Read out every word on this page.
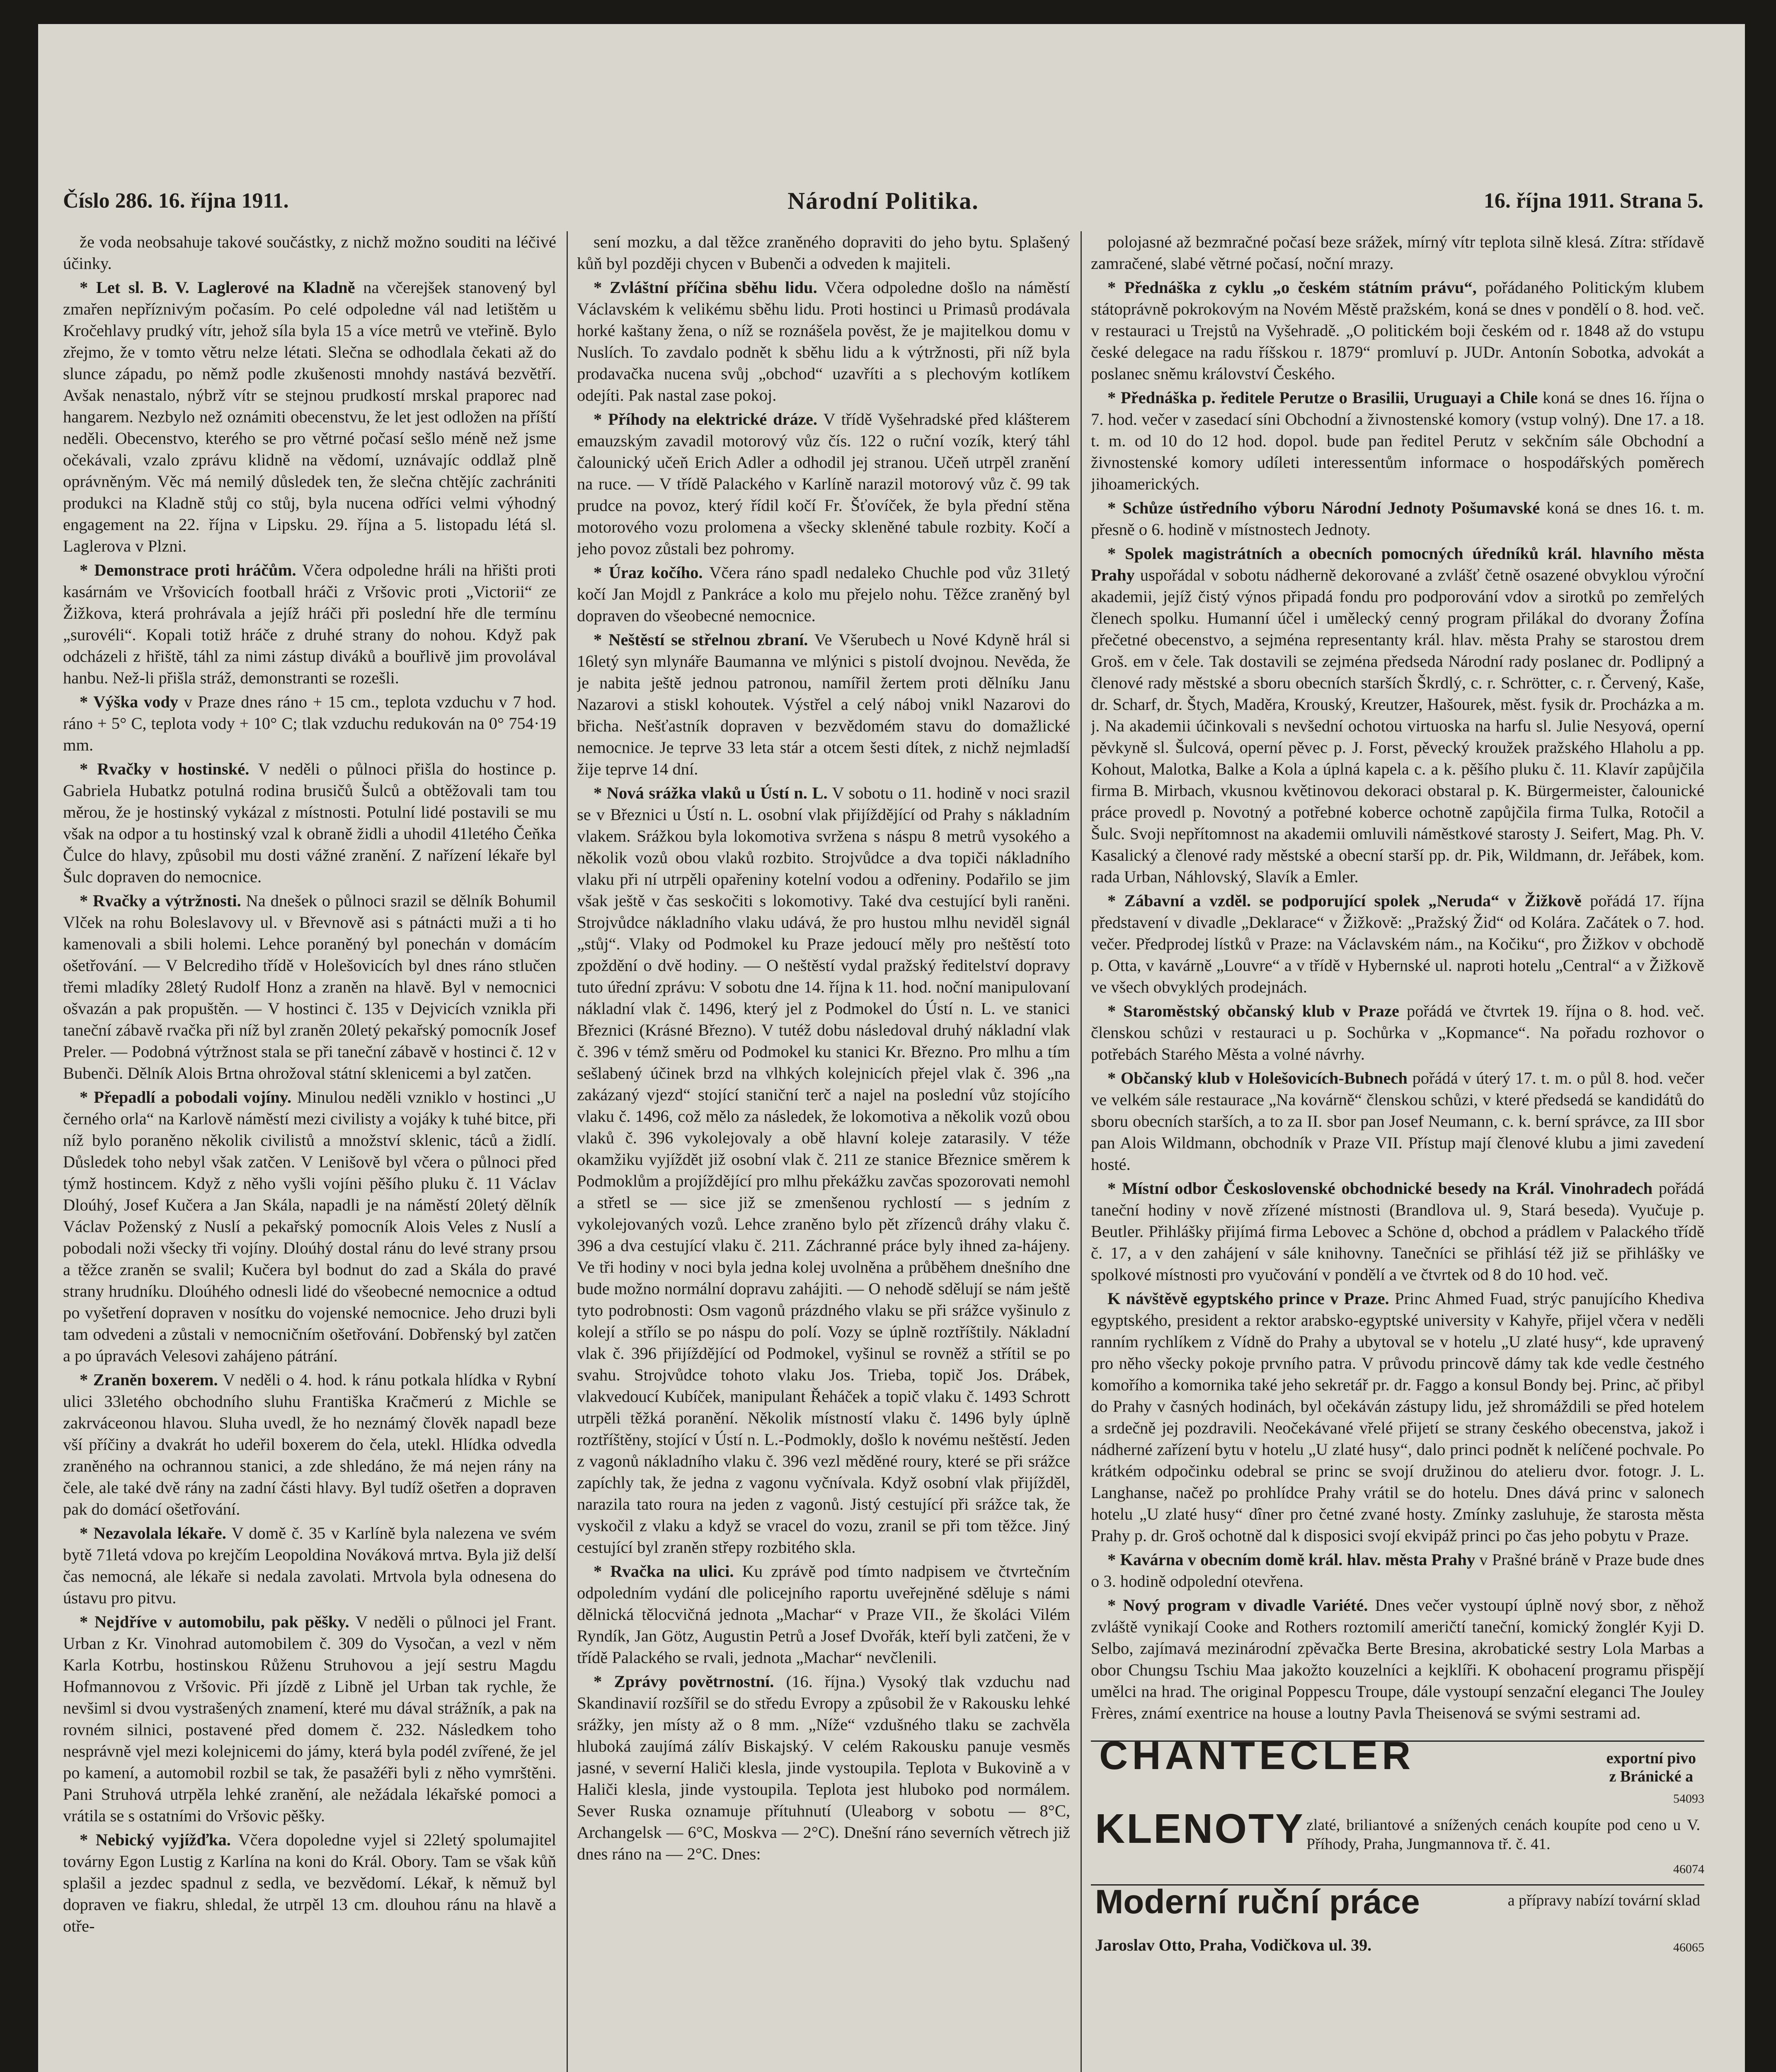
Číslo 286. 16. října 1911.	Národní Politika.	16. října 1911. Strana 5.

že voda neobsahuje takové součástky, z nichž možno souditi na léčivé účinky.

* Let sl. B. V. Laglerové na Kladně na včerejšek stanovený byl zmařen nepříznivým počasím. Po celé odpoledne vál nad letištěm u Kročehlavy prudký vítr, jehož síla byla 15 a více metrů ve vteřině. Bylo zřejmo, že v tomto větru nelze létati. Slečna se odhodlala čekati až do slunce západu, po němž podle zkušenosti mnohdy nastává bezvětří. Avšak nenastalo, nýbrž vítr se stejnou prudkostí mrskal praporec nad hangarem. Nezbylo než oznámiti obecenstvu, že let jest odložen na příští neděli. Obecenstvo, kterého se pro větrné počasí sešlo méně než jsme očekávali, vzalo zprávu klidně na vědomí, uznávajíc oddlaž plně oprávněným. Věc má nemilý důsledek ten, že slečna chtějíc zachrániti produkci na Kladně stůj co stůj, byla nucena odříci velmi výhodný engagement na 22. října v Lipsku. 29. října a 5. listopadu létá sl. Laglerova v Plzni.

* Demonstrace proti hráčům. Včera odpoledne hráli na hřišti proti kasárnám ve Vršovicích football hráči z Vršovic proti „Victorii“ ze Žižkova, která prohrávala a jejíž hráči při poslední hře dle termínu „surovéli“. Kopali totiž hráče z druhé strany do nohou. Když pak odcházeli z hřiště, táhl za nimi zástup diváků a bouřlivě jim provolával hanbu. Než-li přišla stráž, demonstranti se rozešli.

* Výška vody v Praze dnes ráno + 15 cm., teplota vzduchu v 7 hod. ráno + 5° C, teplota vody + 10° C; tlak vzduchu redukován na 0° 754·19 mm.

* Rvačky v hostinské. V neděli o půlnoci přišla do hostince p. Gabriela Hubatkz potulná rodina brusičů Šulců a obtěžovali tam tou měrou, že je hostinský vykázal z místnosti. Potulní lidé postavili se mu však na odpor a tu hostinský vzal k obraně židli a uhodil 41letého Čeňka Čulce do hlavy, způsobil mu dosti vážné zranění. Z nařízení lékaře byl Šulc dopraven do nemocnice.

* Rvačky a výtržnosti. Na dnešek o půlnoci srazil se dělník Bohumil Vlček na rohu Boleslavovy ul. v Břevnově asi s pátnácti muži a ti ho kamenovali a sbili holemi. Lehce poraněný byl ponechán v domácím ošetřování. — V Belcrediho třídě v Holešovicích byl dnes ráno stlučen třemi mladíky 28letý Rudolf Honz a zraněn na hlavě. Byl v nemocnici ošvazán a pak propuštěn. — V hostinci č. 135 v Dejvicích vznikla při taneční zábavě rvačka při níž byl zraněn 20letý pekařský pomocník Josef Preler. — Podobná výtržnost stala se při taneční zábavě v hostinci č. 12 v Bubenči. Dělník Alois Brtna ohrožoval státní sklenicemi a byl zatčen.

* Přepadlí a pobodali vojíny. Minulou neděli vzniklo v hostinci „U černého orla“ na Karlově náměstí mezi civilisty a vojáky k tuhé bitce, při níž bylo poraněno několik civilistů a množství sklenic, táců a židlí. Důsledek toho nebyl však zatčen. V Lenišově byl včera o půlnoci před týmž hostincem. Když z něho vyšli vojíni pěšího pluku č. 11 Václav Dloúhý, Josef Kučera a Jan Skála, napadli je na náměstí 20letý dělník Václav Poženský z Nuslí a pekařský pomocník Alois Veles z Nuslí a pobodali noži všecky tři vojíny. Dloúhý dostal ránu do levé strany prsou a těžce zraněn se svalil; Kučera byl bodnut do zad a Skála do pravé strany hrudníku. Dloúhého odnesli lidé do všeobecné nemocnice a odtud po vyšetření dopraven v nosítku do vojenské nemocnice. Jeho druzi byli tam odvedeni a zůstali v nemocničním ošetřování. Dobřenský byl zatčen a po úpravách Velesovi zahájeno pátrání.

* Zraněn boxerem. V neděli o 4. hod. k ránu potkala hlídka v Rybní ulici 33letého obchodního sluhu Františka Kračmerú z Michle se zakrváceonou hlavou. Sluha uvedl, že ho neznámý člověk napadl beze vší příčiny a dvakrát ho udeřil boxerem do čela, utekl. Hlídka odvedla zraněného na ochrannou stanici, a zde shledáno, že má nejen rány na čele, ale také dvě rány na zadní části hlavy. Byl tudíž ošetřen a dopraven pak do domácí ošetřování.

* Nezavolala lékaře. V domě č. 35 v Karlíně byla nalezena ve svém bytě 71letá vdova po krejčím Leopoldina Nováková mrtva. Byla již delší čas nemocná, ale lékaře si nedala zavolati. Mrtvola byla odnesena do ústavu pro pitvu.

* Nejdříve v automobilu, pak pěšky. V neděli o půlnoci jel Frant. Urban z Kr. Vinohrad automobilem č. 309 do Vysočan, a vezl v něm Karla Kotrbu, hostinskou Růženu Struhovou a její sestru Magdu Hofmannovou z Vršovic. Při jízdě z Libně jel Urban tak rychle, že nevšiml si dvou vystrašených znamení, které mu dával strážník, a pak na rovném silnici, postavené před domem č. 232. Následkem toho nesprávně vjel mezi kolejnicemi do jámy, která byla podél zvířené, že jel po kamení, a automobil rozbil se tak, že pasažéři byli z něho vymrštěni. Pani Struhová utrpěla lehké zranění, ale nežádala lékařské pomoci a vrátila se s ostatními do Vršovic pěšky.

* Nebický vyjížďka. Včera dopoledne vyjel si 22letý spolumajitel továrny Egon Lustig z Karlína na koni do Král. Obory. Tam se však kůň splašil a jezdec spadnul z sedla, ve bezvědomí. Lékař, k němuž byl dopraven ve fiakru, shledal, že utrpěl 13 cm. dlouhou ránu na hlavě a otře-

sení mozku, a dal těžce zraněného dopraviti do jeho bytu. Splašený kůň byl později chycen v Bubenči a odveden k majiteli.

* Zvláštní příčina sběhu lidu. Včera odpoledne došlo na náměstí Václavském k velikému sběhu lidu. Proti hostinci u Primasů prodávala horké kaštany žena, o níž se roznášela pověst, že je majitelkou domu v Nuslích. To zavdalo podnět k sběhu lidu a k výtržnosti, při níž byla prodavačka nucena svůj „obchod“ uzavříti a s plechovým kotlíkem odejíti. Pak nastal zase pokoj.

* Příhody na elektrické dráze. V třídě Vyšehradské před klášterem emauzským zavadil motorový vůz čís. 122 o ruční vozík, který táhl čalounický učeň Erich Adler a odhodil jej stranou. Učeň utrpěl zranění na ruce. — V třídě Palackého v Karlíně narazil motorový vůz č. 99 tak prudce na povoz, který řídil kočí Fr. Šťovíček, že byla přední stěna motorového vozu prolomena a všecky skleněné tabule rozbity. Kočí a jeho povoz zůstali bez pohromy.

* Úraz kočího. Včera ráno spadl nedaleko Chuchle pod vůz 31letý kočí Jan Mojdl z Pankráce a kolo mu přejelo nohu. Těžce zraněný byl dopraven do všeobecné nemocnice.

* Neštěstí se střelnou zbraní. Ve Všerubech u Nové Kdyně hrál si 16letý syn mlynáře Baumanna ve mlýnici s pistolí dvojnou. Nevěda, že je nabita ještě jednou patronou, namířil žertem proti dělníku Janu Nazarovi a stiskl kohoutek. Výstřel a celý náboj vnikl Nazarovi do břicha. Nešťastník dopraven v bezvědomém stavu do domažlické nemocnice. Je teprve 33 leta stár a otcem šesti dítek, z nichž nejmladší žije teprve 14 dní.

* Nová srážka vlaků u Ústí n. L. V sobotu o 11. hodině v noci srazil se v Březnici u Ústí n. L. osobní vlak přijíždějící od Prahy s nákladním vlakem. Srážkou byla lokomotiva svržena s náspu 8 metrů vysokého a několik vozů obou vlaků rozbito. Strojvůdce a dva topiči nákladního vlaku při ní utrpěli opařeniny kotelní vodou a odřeniny. Podařilo se jim však ještě v čas seskočiti s lokomotivy. Také dva cestující byli raněni. Strojvůdce nákladního vlaku udává, že pro hustou mlhu neviděl signál „stůj“. Vlaky od Podmokel ku Praze jedoucí měly pro neštěstí toto zpoždění o dvě hodiny. — O neštěstí vydal pražský ředitelství dopravy tuto úřední zprávu: V sobotu dne 14. října k 11. hod. noční manipulovaní nákladní vlak č. 1496, který jel z Podmokel do Ústí n. L. ve stanici Březnici (Krásné Březno). V tutéž dobu následoval druhý nákladní vlak č. 396 v témž směru od Podmokel ku stanici Kr. Březno. Pro mlhu a tím sešlabený účinek brzd na vlhkých kolejnicích přejel vlak č. 396 „na zakázaný vjezd“ stojící staniční terč a najel na poslední vůz stojícího vlaku č. 1496, což mělo za následek, že lokomotiva a několik vozů obou vlaků č. 396 vykolejovaly a obě hlavní koleje zatarasily. V téže okamžiku vyjíždět již osobní vlak č. 211 ze stanice Březnice směrem k Podmoklům a projíždějící pro mlhu překážku zavčas spozorovati nemohl a střetl se — sice již se zmenšenou rychlostí — s jedním z vykolejovaných vozů. Lehce zraněno bylo pět zřízenců dráhy vlaku č. 396 a dva cestující vlaku č. 211. Záchranné práce byly ihned za-hájeny. Ve tři hodiny v noci byla jedna kolej uvolněna a průběhem dnešního dne bude možno normální dopravu zahájiti. — O nehodě sdělují se nám ještě tyto podrobnosti: Osm vagonů prázdného vlaku se při srážce vyšinulo z kolejí a střílo se po náspu do polí. Vozy se úplně roztříštily. Nákladní vlak č. 396 přijíždějící od Podmokel, vyšinul se rovněž a střítil se po svahu. Strojvůdce tohoto vlaku Jos. Trieba, topič Jos. Drábek, vlakvedoucí Kubíček, manipulant Řeháček a topič vlaku č. 1493 Schrott utrpěli těžká poranění. Několik místností vlaku č. 1496 byly úplně roztříštěny, stojící v Ústí n. L.-Podmokly, došlo k novému neštěstí. Jeden z vagonů nákladního vlaku č. 396 vezl měděné roury, které se při srážce zapíchly tak, že jedna z vagonu vyčnívala. Když osobní vlak přijížděl, narazila tato roura na jeden z vagonů. Jistý cestující při srážce tak, že vyskočil z vlaku a když se vracel do vozu, zranil se při tom těžce. Jiný cestující byl zraněn střepy rozbitého skla.

* Rvačka na ulici. Ku zprávě pod tímto nadpisem ve čtvrtečním odpoledním vydání dle policejního raportu uveřejněné sděluje s námi dělnická tělocvičná jednota „Machar“ v Praze VII., že školáci Vilém Ryndík, Jan Götz, Augustin Petrů a Josef Dvořák, kteří byli zatčeni, že v třídě Palackého se rvali, jednota „Machar“ nevčlenili.

* Zprávy povětrnostní. (16. října.) Vysoký tlak vzduchu nad Skandinavií rozšířil se do středu Evropy a způsobil že v Rakousku lehké srážky, jen místy až o 8 mm. „Níže“ vzdušného tlaku se zachvěla hluboká zaujímá zálív Biskajský. V celém Rakousku panuje vesměs jasné, v severní Haliči klesla, jinde vystoupila. Teplota v Bukovině a v Haliči klesla, jinde vystoupila. Teplota jest hluboko pod normálem. Sever Ruska oznamuje přítuhnutí (Uleaborg v sobotu — 8°C, Archangelsk — 6°C, Moskva — 2°C). Dnešní ráno severních větrech již dnes ráno na — 2°C. Dnes:

polojasné až bezmračné počasí beze srážek, mírný vítr teplota silně klesá. Zítra: střídavě zamračené, slabé větrné počasí, noční mrazy.

* Přednáška z cyklu „o českém státním právu“, pořádaného Politickým klubem státoprávně pokrokovým na Novém Městě pražském, koná se dnes v pondělí o 8. hod. več. v restauraci u Trejstů na Vyšehradě. „O politickém boji českém od r. 1848 až do vstupu české delegace na radu říšskou r. 1879“ promluví p. JUDr. Antonín Sobotka, advokát a poslanec sněmu království Českého.

* Přednáška p. ředitele Perutze o Brasilii, Uruguayi a Chile koná se dnes 16. října o 7. hod. večer v zasedací síni Obchodní a živnostenské komory (vstup volný). Dne 17. a 18. t. m. od 10 do 12 hod. dopol. bude pan ředitel Perutz v sekčním sále Obchodní a živnostenské komory udíleti interessentům informace o hospodářských poměrech jihoamerických.

* Schůze ústředního výboru Národní Jednoty Pošumavské koná se dnes 16. t. m. přesně o 6. hodině v místnostech Jednoty.

* Spolek magistrátních a obecních pomocných úředníků král. hlavního města Prahy uspořádal v sobotu nádherně dekorované a zvlášť četně osazené obvyklou výroční akademii, jejíž čistý výnos připadá fondu pro podporování vdov a sirotků po zemřelých členech spolku. Humanní účel i umělecký cenný program přilákal do dvorany Žofína přečetné obecenstvo, a sejména representanty král. hlav. města Prahy se starostou drem Groš. em v čele. Tak dostavili se zejména předseda Národní rady poslanec dr. Podlipný a členové rady městské a sboru obecních starších Škrdlý, c. r. Schrötter, c. r. Červený, Kaše, dr. Scharf, dr. Štych, Maděra, Krouský, Kreutzer, Hašourek, měst. fysik dr. Procházka a m. j. Na akademii účinkovali s nevšední ochotou virtuoska na harfu sl. Julie Nesyová, operní pěvkyně sl. Šulcová, operní pěvec p. J. Forst, pěvecký kroužek pražského Hlaholu a pp. Kohout, Malotka, Balke a Kola a úplná kapela c. a k. pěšího pluku č. 11. Klavír zapůjčila firma B. Mirbach, vkusnou květinovou dekoraci obstaral p. K. Bürgermeister, čalounické práce provedl p. Novotný a potřebné koberce ochotně zapůjčila firma Tulka, Rotočil a Šulc. Svoji nepřítomnost na akademii omluvili náměstkové starosty J. Seifert, Mag. Ph. V. Kasalický a členové rady městské a obecní starší pp. dr. Pik, Wildmann, dr. Jeřábek, kom. rada Urban, Náhlovský, Slavík a Emler.

* Zábavní a vzděl. se podporující spolek „Neruda“ v Žižkově pořádá 17. října představení v divadle „Deklarace“ v Žižkově: „Pražský Žid“ od Kolára. Začátek o 7. hod. večer. Předprodej lístků v Praze: na Václavském nám., na Kočiku“, pro Žižkov v obchodě p. Otta, v kavárně „Louvre“ a v třídě v Hybernské ul. naproti hotelu „Central“ a v Žižkově ve všech obvyklých prodejnách.

* Staroměstský občanský klub v Praze pořádá ve čtvrtek 19. října o 8. hod. več. členskou schůzi v restauraci u p. Sochůrka v „Kopmance“. Na pořadu rozhovor o potřebách Starého Města a volné návrhy.

* Občanský klub v Holešovicích-Bubnech pořádá v úterý 17. t. m. o půl 8. hod. večer ve velkém sále restaurace „Na kovárně“ členskou schůzi, v které předsedá se kandidátů do sboru obecních starších, a to za II. sbor pan Josef Neumann, c. k. berní správce, za III sbor pan Alois Wildmann, obchodník v Praze VII. Přístup mají členové klubu a jimi zavedení hosté.

* Místní odbor Československé obchodnické besedy na Král. Vinohradech pořádá taneční hodiny v nově zřízené místnosti (Brandlova ul. 9, Stará beseda). Vyučuje p. Beutler. Přihlášky přijímá firma Lebovec a Schöne d, obchod a prádlem v Palackého třídě č. 17, a v den zahájení v sále knihovny. Tanečníci se přihlásí též již se přihlášky ve spolkové místnosti pro vyučování v pondělí a ve čtvrtek od 8 do 10 hod. več.

K návštěvě egyptského prince v Praze. Princ Ahmed Fuad, strýc panujícího Khediva egyptského, president a rektor arabsko-egyptské university v Kahyře, přijel včera v neděli ranním rychlíkem z Vídně do Prahy a ubytoval se v hotelu „U zlaté husy“, kde upravený pro něho všecky pokoje prvního patra. V průvodu princově dámy tak kde vedle čestného komořího a komornika také jeho sekretář pr. dr. Faggo a konsul Bondy bej. Princ, ač přibyl do Prahy v časných hodinách, byl očekáván zástupy lidu, jež shromáždili se před hotelem a srdečně jej pozdravili. Neočekávané vřelé přijetí se strany českého obecenstva, jakož i nádherné zařízení bytu v hotelu „U zlaté husy“, dalo princi podnět k nelíčené pochvale. Po krátkém odpočinku odebral se princ se svojí družinou do atelieru dvor. fotogr. J. L. Langhanse, načež po prohlídce Prahy vrátil se do hotelu. Dnes dává princ v salonech hotelu „U zlaté husy“ dîner pro četné zvané hosty. Zmínky zasluhuje, že starosta města Prahy p. dr. Groš ochotně dal k disposici svojí ekvipáž princi po čas jeho pobytu v Praze.

* Kavárna v obecním domě král. hlav. města Prahy v Prašné bráně v Praze bude dnes o 3. hodině odpolední otevřena.

* Nový program v divadle Variété. Dnes večer vystoupí úplně nový sbor, z něhož zvláště vynikají Cooke and Rothers roztomilí američtí taneční, komický žonglér Kyji D. Selbo, zajímavá mezinárodní zpěvačka Berte Bresina, akrobatické sestry Lola Marbas a obor Chungsu Tschiu Maa jakožto kouzelníci a kejklíři. K obohacení programu přispějí umělci na hrad. The original Poppescu Troupe, dále vystoupí senzační eleganci The Jouley Frères, známí exentrice na house a loutny Pavla Theisenová se svými sestrami ad.

CHANTECLER	exportní pivo
z Bránické a
54093
KLENOTY zlaté, briliantové a snížených cenách koupíte pod ceno u V. Příhody, Praha, Jungmannova tř. č. 41.
46074
Moderní ruční práce	a přípravy nabízí tovární sklad
Jaroslav Otto, Praha, Vodičkova ul. 39.	46065
